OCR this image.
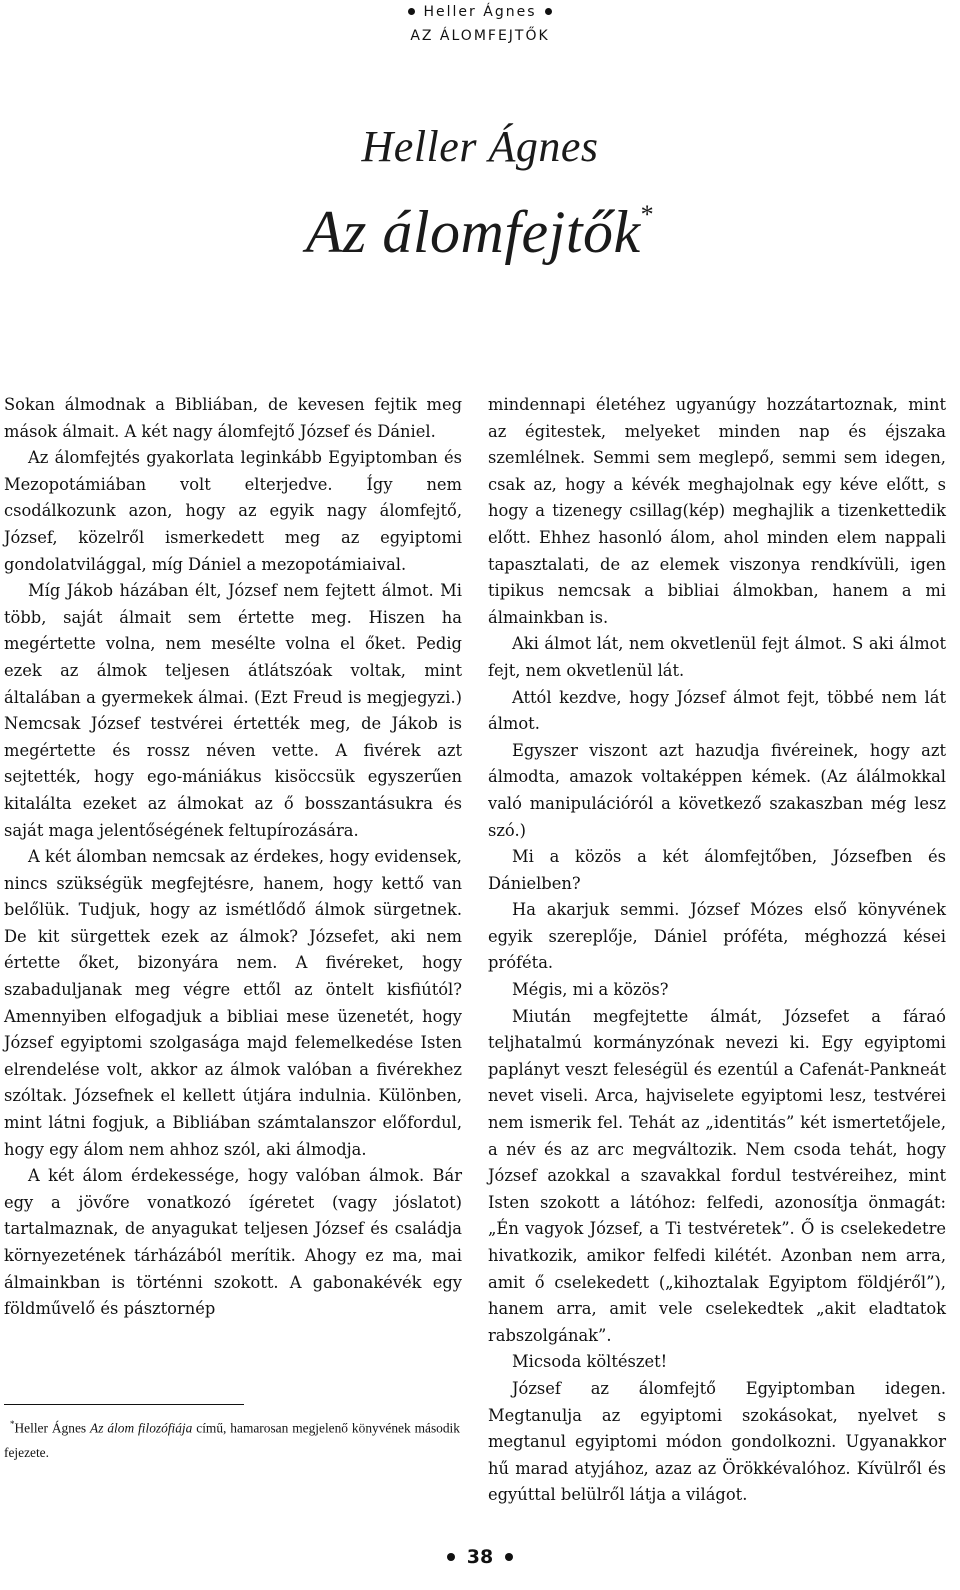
Heller Ágnes
AZ ÁLOMFEJTŐK
Heller Ágnes
Az álomfejtők*

Sokan álmodnak a Bibliában, de kevesen fejtik meg mások álmait. A két nagy álomfejtő József és Dániel.

Az álomfejtés gyakorlata leginkább Egyiptomban és Mezopotámiában volt elterjedve. Így nem csodálkozunk azon, hogy az egyik nagy álomfejtő, József, közelről ismerkedett meg az egyiptomi gondolatvilággal, míg Dániel a mezopotámiaival.

Míg Jákob házában élt, József nem fejtett álmot. Mi több, saját álmait sem értette meg. Hiszen ha megértette volna, nem mesélte volna el őket. Pedig ezek az álmok teljesen átlátszóak voltak, mint általában a gyermekek álmai. (Ezt Freud is megjegyzi.) Nemcsak József testvérei értették meg, de Jákob is megértette és rossz néven vette. A fivérek azt sejtették, hogy ego-mániákus kisöccsük egyszerűen kitalálta ezeket az álmokat az ő bosszantásukra és saját maga jelentőségének feltupírozására.

A két álomban nemcsak az érdekes, hogy evidensek, nincs szükségük megfejtésre, hanem, hogy kettő van belőlük. Tudjuk, hogy az ismétlődő álmok sürgetnek. De kit sürgettek ezek az álmok? Józsefet, aki nem értette őket, bizonyára nem. A fivéreket, hogy szabaduljanak meg végre ettől az öntelt kisfiútól? Amennyiben elfogadjuk a bibliai mese üzenetét, hogy József egyiptomi szolgasága majd felemelkedése Isten elrendelése volt, akkor az álmok valóban a fivérekhez szóltak. Józsefnek el kellett útjára indulnia. Különben, mint látni fogjuk, a Bibliában számtalanszor előfordul, hogy egy álom nem ahhoz szól, aki álmodja.

A két álom érdekessége, hogy valóban álmok. Bár egy a jövőre vonatkozó ígéretet (vagy jóslatot) tartalmaznak, de anyagukat teljesen József és családja környezetének tárházából merítik. Ahogy ez ma, mai álmainkban is történni szokott. A gabonakévék egy földművelő és pásztornép

mindennapi életéhez ugyanúgy hozzátartoznak, mint az égitestek, melyeket minden nap és éjszaka szemlélnek. Semmi sem meglepő, semmi sem idegen, csak az, hogy a kévék meghajolnak egy kéve előtt, s hogy a tizenegy csillag(kép) meghajlik a tizenkettedik előtt. Ehhez hasonló álom, ahol minden elem nappali tapasztalati, de az elemek viszonya rendkívüli, igen tipikus nemcsak a bibliai álmokban, hanem a mi álmainkban is.

Aki álmot lát, nem okvetlenül fejt álmot. S aki álmot fejt, nem okvetlenül lát.

Attól kezdve, hogy József álmot fejt, többé nem lát álmot.

Egyszer viszont azt hazudja fivéreinek, hogy azt álmodta, amazok voltaképpen kémek. (Az álálmokkal való manipulációról a következő szakaszban még lesz szó.)

Mi a közös a két álomfejtőben, Józsefben és Dánielben?

Ha akarjuk semmi. József Mózes első könyvének egyik szereplője, Dániel próféta, méghozzá kései próféta.

Mégis, mi a közös?

Miután megfejtette álmát, Józsefet a fáraó teljhatalmú kormányzónak nevezi ki. Egy egyiptomi paplányt veszt feleségül és ezentúl a Cafenát-Pankneát nevet viseli. Arca, hajviselete egyiptomi lesz, testvérei nem ismerik fel. Tehát az „identitás” két ismertetőjele, a név és az arc megváltozik. Nem csoda tehát, hogy József azokkal a szavakkal fordul testvéreihez, mint Isten szokott a látóhoz: felfedi, azonosítja önmagát: „Én vagyok József, a Ti testvéretek”. Ő is cselekedetre hivatkozik, amikor felfedi kilétét. Azonban nem arra, amit ő cselekedett („kihoztalak Egyiptom földjéről”), hanem arra, amit vele cselekedtek „akit eladtatok rabszolgának”.

Micsoda költészet!

József az álomfejtő Egyiptomban idegen. Megtanulja az egyiptomi szokásokat, nyelvet s megtanul egyiptomi módon gondolkozni. Ugyanakkor hű marad atyjához, azaz az Örökkévalóhoz. Kívülről és egyúttal belülről látja a világot.

*Heller Ágnes Az álom filozófiája című, hamarosan megjelenő könyvének második fejezete.
38
